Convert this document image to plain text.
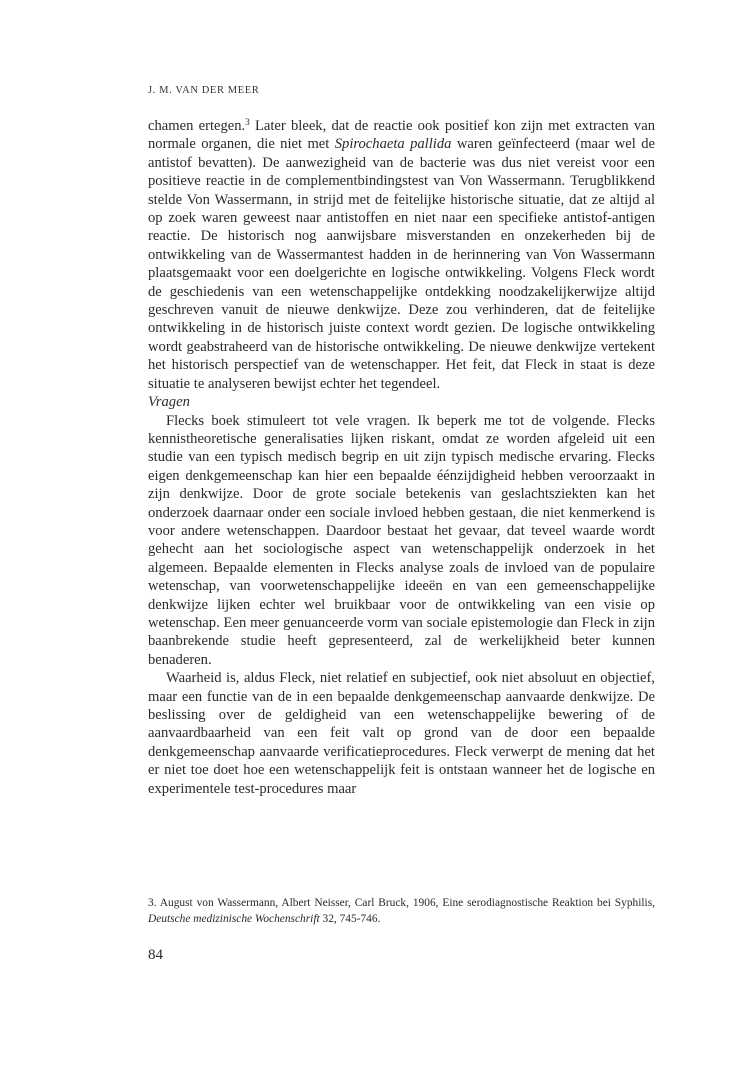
J. M. VAN DER MEER

chamen ertegen.$^3$ Later bleek, dat de reactie ook positief kon zijn met extracten van normale organen, die niet met Spirochaeta pallida waren geïnfecteerd (maar wel de antistof bevatten). De aanwezigheid van de bacterie was dus niet vereist voor een positieve reactie in de complementbindingstest van Von Wassermann. Terugblikkend stelde Von Wassermann, in strijd met de feitelijke historische situatie, dat ze altijd al op zoek waren geweest naar antistoffen en niet naar een specifieke antistof-antigen reactie. De historisch nog aanwijsbare misverstanden en onzekerheden bij de ontwikkeling van de Wassermantest hadden in de herinnering van Von Wassermann plaatsgemaakt voor een doelgerichte en logische ontwikkeling. Volgens Fleck wordt de geschiedenis van een wetenschappelijke ontdekking noodzakelijkerwijze altijd geschreven vanuit de nieuwe denkwijze. Deze zou verhinderen, dat de feitelijke ontwikkeling in de historisch juiste context wordt gezien. De logische ontwikkeling wordt geabstraheerd van de historische ontwikkeling. De nieuwe denkwijze vertekent het historisch perspectief van de wetenschapper. Het feit, dat Fleck in staat is deze situatie te analyseren bewijst echter het tegendeel.

Vragen

Flecks boek stimuleert tot vele vragen. Ik beperk me tot de volgende. Flecks kennistheoretische generalisaties lijken riskant, omdat ze worden afgeleid uit een studie van een typisch medisch begrip en uit zijn typisch medische ervaring. Flecks eigen denkgemeenschap kan hier een bepaalde éénzijdigheid hebben veroorzaakt in zijn denkwijze. Door de grote sociale betekenis van geslachtsziekten kan het onderzoek daarnaar onder een sociale invloed hebben gestaan, die niet kenmerkend is voor andere wetenschappen. Daardoor bestaat het gevaar, dat teveel waarde wordt gehecht aan het sociologische aspect van wetenschappelijk onderzoek in het algemeen. Bepaalde elementen in Flecks analyse zoals de invloed van de populaire wetenschap, van voorwetenschappelijke ideeën en van een gemeenschappelijke denkwijze lijken echter wel bruikbaar voor de ontwikkeling van een visie op wetenschap. Een meer genuanceerde vorm van sociale epistemologie dan Fleck in zijn baanbrekende studie heeft gepresenteerd, zal de werkelijkheid beter kunnen benaderen.

Waarheid is, aldus Fleck, niet relatief en subjectief, ook niet absoluut en objectief, maar een functie van de in een bepaalde denkgemeenschap aanvaarde denkwijze. De beslissing over de geldigheid van een wetenschappelijke bewering of de aanvaardbaarheid van een feit valt op grond van de door een bepaalde denkgemeenschap aanvaarde verificatieprocedures. Fleck verwerpt de mening dat het er niet toe doet hoe een wetenschappelijk feit is ontstaan wanneer het de logische en experimentele test-procedures maar

3. August von Wassermann, Albert Neisser, Carl Bruck, 1906, Eine serodiagnostische Reaktion bei Syphilis, Deutsche medizinische Wochenschrift 32, 745-746.

84
